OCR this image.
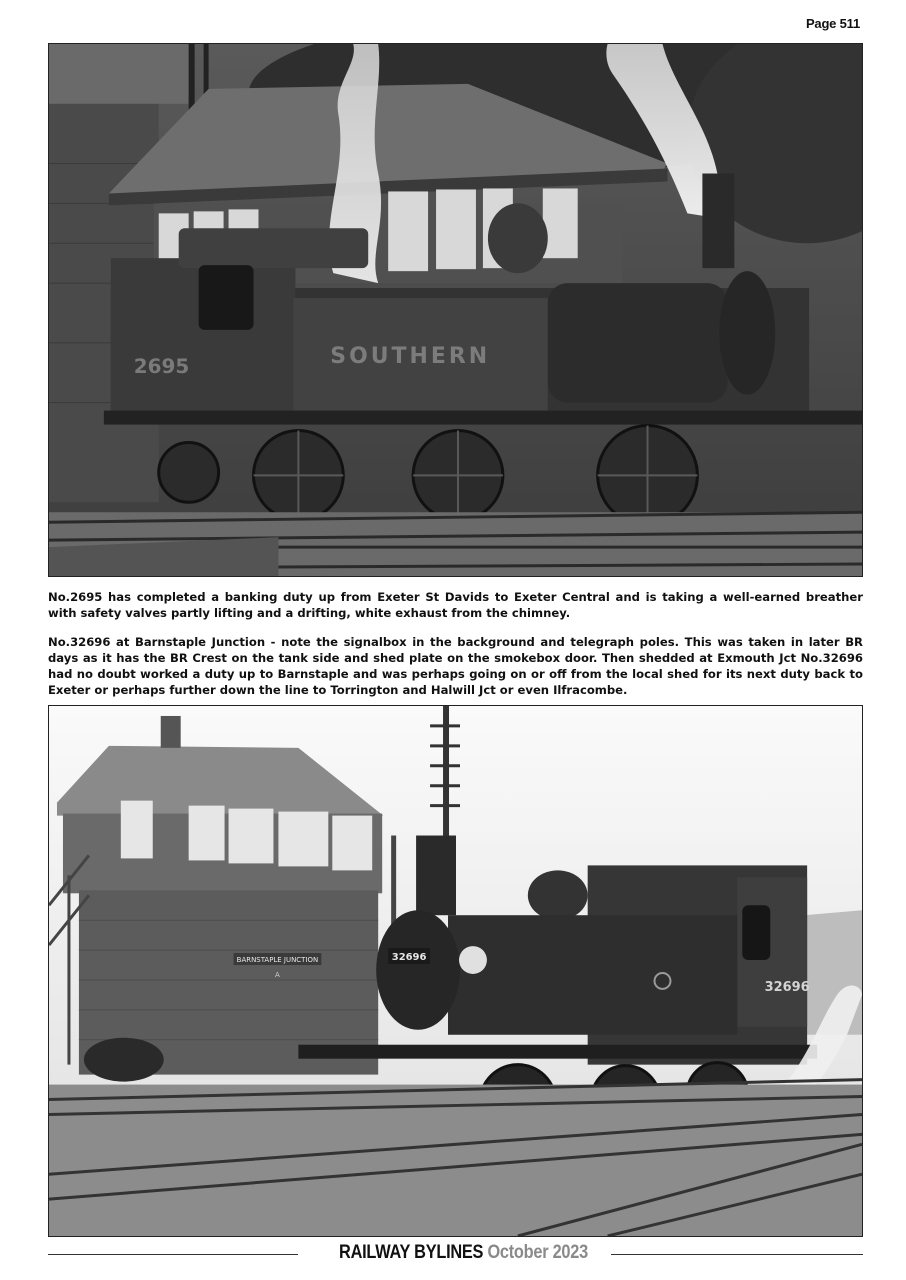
Page 511
2695	SOUTHERN

No.2695 has completed a banking duty up from Exeter St Davids to Exeter Central and is taking a well-earned breather with safety valves partly lifting and a drifting, white exhaust from the chimney.

No.32696 at Barnstaple Junction - note the signalbox in the background and telegraph poles. This was taken in later BR days as it has the BR Crest on the tank side and shed plate on the smokebox door. Then shedded at Exmouth Jct No.32696 had no doubt worked a duty up to Barnstaple and was perhaps going on or off from the local shed for its next duty back to Exeter or perhaps further down the line to Torrington and Halwill Jct or even Ilfracombe.

BARNSTAPLE JUNCTION
A
32696
32696
RAILWAY BYLINES October 2023
